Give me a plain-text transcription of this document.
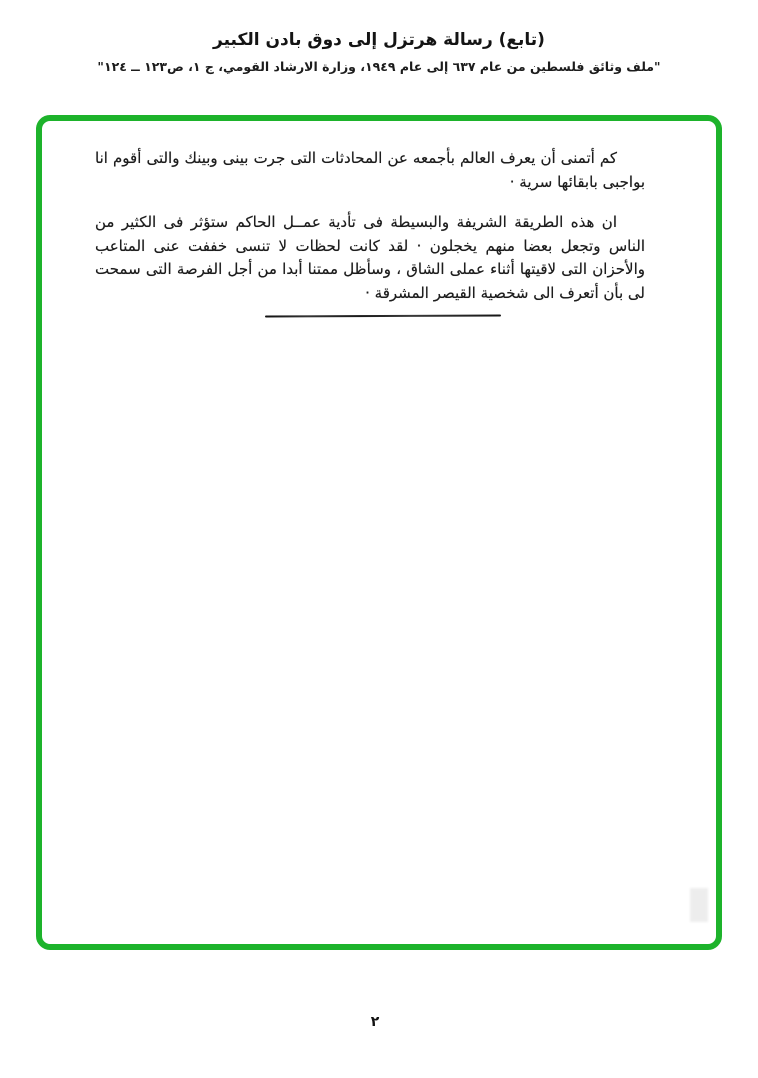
(تابع) رسالة هرتزل إلى دوق بادن الكبير
"ملف وثائق فلسطين من عام ٦٣٧ إلى عام ١٩٤٩، وزارة الارشاد القومي، ج ١، ص١٢٣ ــ ١٢٤"

كم أتمنى أن يعرف العالم بأجمعه عن المحادثات التى جرت بينى وبينك والتى أقوم انا بواجبى بابقائها سرية ·

ان هذه الطريقة الشريفة والبسيطة فى تأدية عمــل الحاكم ستؤثر فى الكثير من الناس وتجعل بعضا منهم يخجلون · لقد كانت لحظات لا تنسى خففت عنى المتاعب والأحزان التى لاقيتها أثناء عملى الشاق ، وسأظل ممتنا أبدا من أجل الفرصة التى سمحت لى بأن أتعرف الى شخصية القيصر المشرقة ·

٢
